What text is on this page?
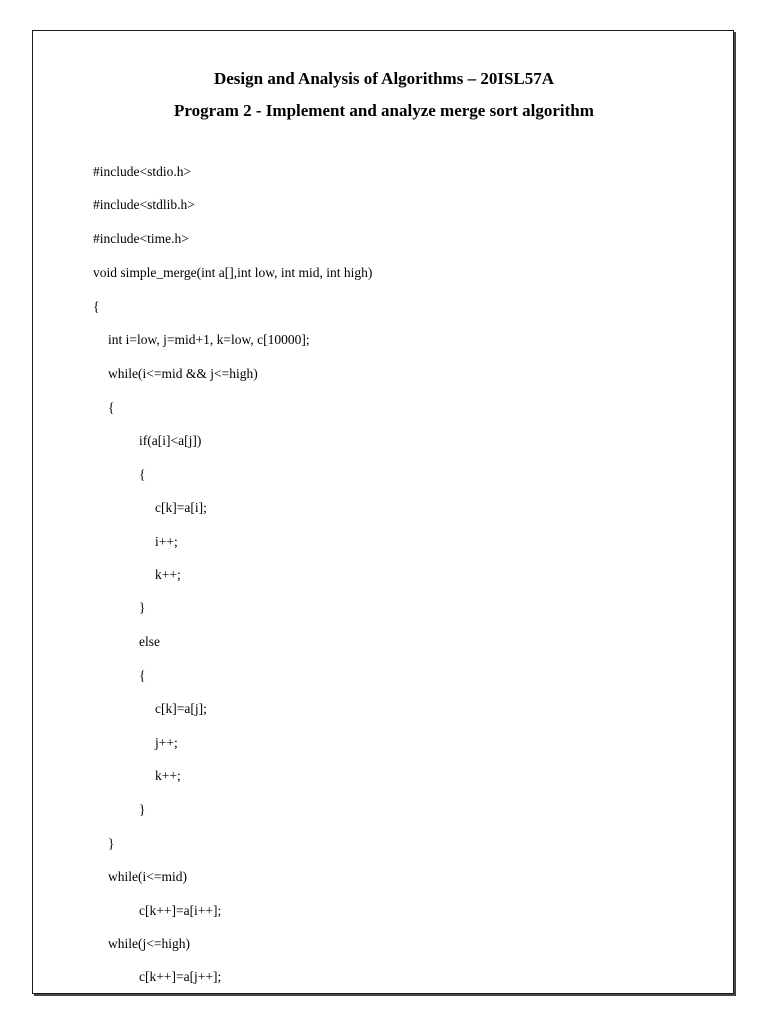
Design and Analysis of Algorithms – 20ISL57A
Program 2 - Implement and analyze merge sort algorithm
#include<stdio.h>
#include<stdlib.h>
#include<time.h>
void simple_merge(int a[],int low, int mid, int high)
{
int i=low, j=mid+1, k=low, c[10000];
while(i<=mid && j<=high)
{
if(a[i]<a[j])
{
c[k]=a[i];
i++;
k++;
}
else
{
c[k]=a[j];
j++;
k++;
}
}
while(i<=mid)
c[k++]=a[i++];
while(j<=high)
c[k++]=a[j++];
